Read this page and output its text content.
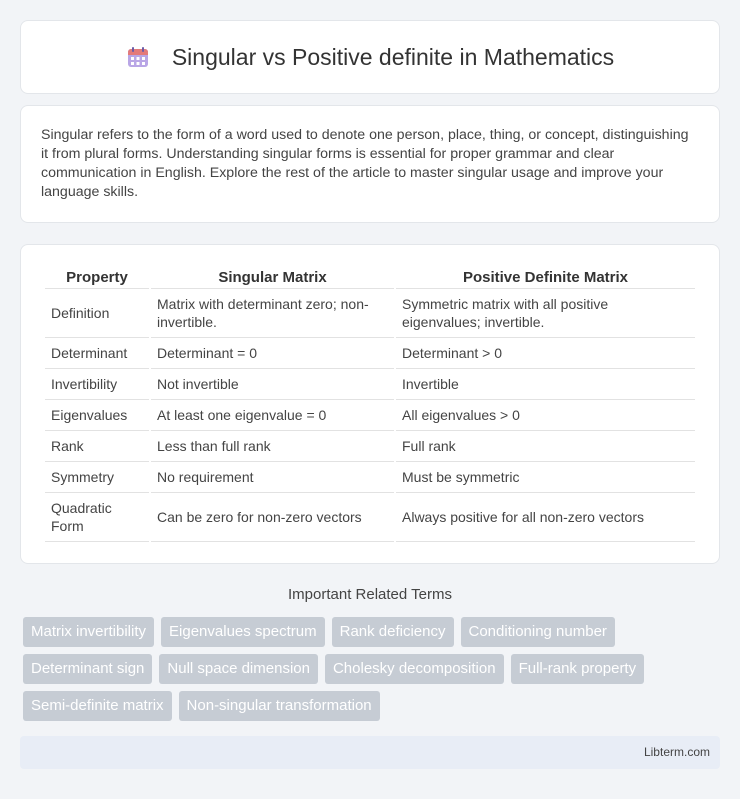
Singular vs Positive definite in Mathematics

Singular refers to the form of a word used to denote one person, place, thing, or concept, distinguishing it from plural forms. Understanding singular forms is essential for proper grammar and clear communication in English. Explore the rest of the article to master singular usage and improve your language skills.

Property	Singular Matrix	Positive Definite Matrix
Definition	Matrix with determinant zero; non-invertible.	Symmetric matrix with all positive eigenvalues; invertible.
Determinant	Determinant = 0	Determinant > 0
Invertibility	Not invertible	Invertible
Eigenvalues	At least one eigenvalue = 0	All eigenvalues > 0
Rank	Less than full rank	Full rank
Symmetry	No requirement	Must be symmetric
Quadratic Form	Can be zero for non-zero vectors	Always positive for all non-zero vectors
Important Related Terms
Matrix invertibility	Eigenvalues spectrum	Rank deficiency	Conditioning number
Determinant sign	Null space dimension	Cholesky decomposition	Full-rank property
Semi-definite matrix	Non-singular transformation
Libterm.com
